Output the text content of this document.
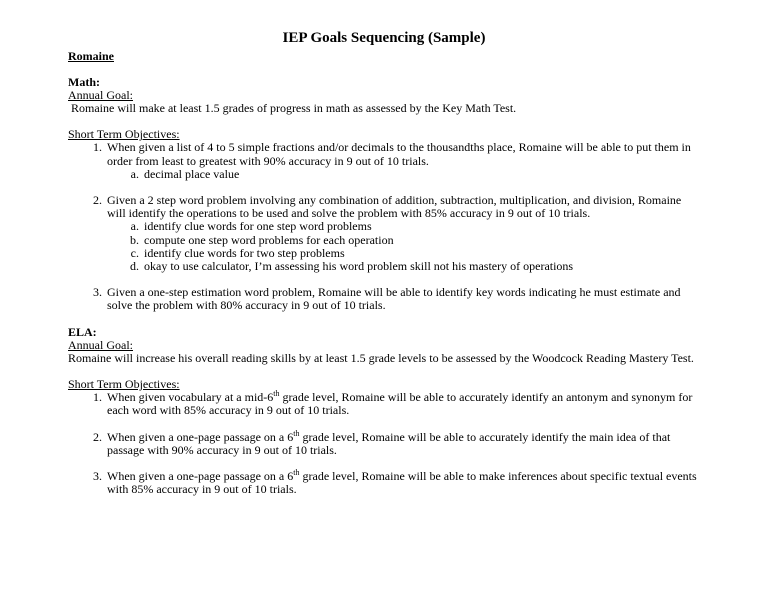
IEP Goals Sequencing (Sample)

Romaine

Math:

Annual Goal:

Romaine will make at least 1.5 grades of progress in math as assessed by the Key Math Test.

Short Term Objectives:

1. When given a list of 4 to 5 simple fractions and/or decimals to the thousandths place, Romaine will be able to put them in order from least to greatest with 90% accuracy in 9 out of 10 trials.
a. decimal place value
2. Given a 2 step word problem involving any combination of addition, subtraction, multiplication, and division, Romaine will identify the operations to be used and solve the problem with 85% accuracy in 9 out of 10 trials.
a. identify clue words for one step word problems
b. compute one step word problems for each operation
c. identify clue words for two step problems
d. okay to use calculator, I’m assessing his word problem skill not his mastery of operations
3. Given a one-step estimation word problem, Romaine will be able to identify key words indicating he must estimate and solve the problem with 80% accuracy in 9 out of 10 trials.

ELA:

Annual Goal:

Romaine will increase his overall reading skills by at least 1.5 grade levels to be assessed by the Woodcock Reading Mastery Test.

Short Term Objectives:

1. When given vocabulary at a mid-6th grade level, Romaine will be able to accurately identify an antonym and synonym for each word with 85% accuracy in 9 out of 10 trials.
2. When given a one-page passage on a 6th grade level, Romaine will be able to accurately identify the main idea of that passage with 90% accuracy in 9 out of 10 trials.
3. When given a one-page passage on a 6th grade level, Romaine will be able to make inferences about specific textual events with 85% accuracy in 9 out of 10 trials.
